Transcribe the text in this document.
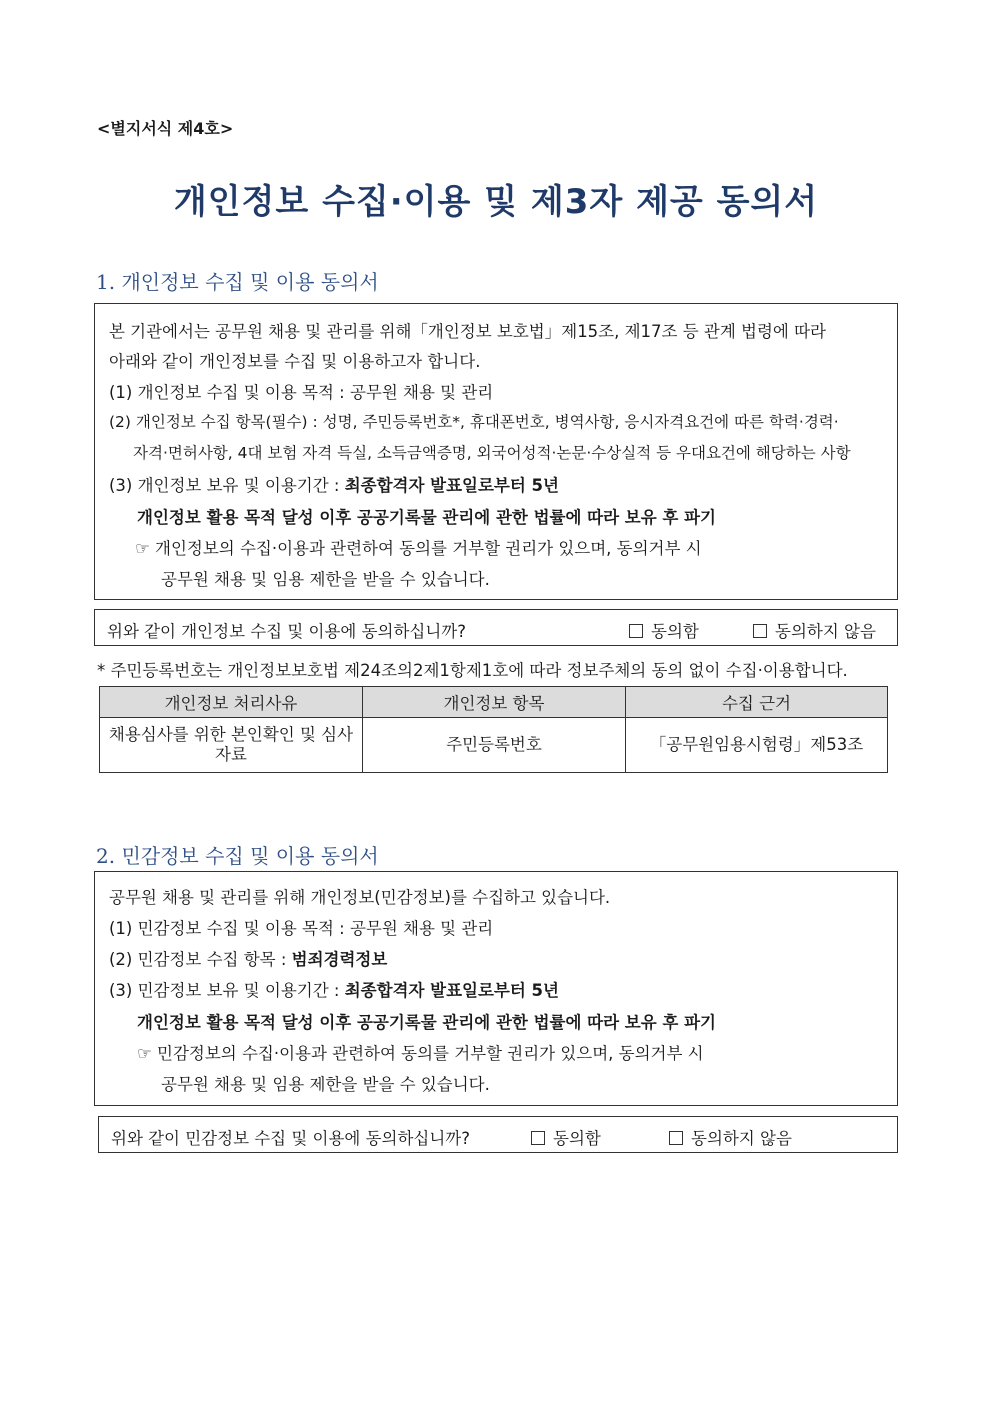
<별지서식 제4호>
개인정보 수집·이용 및 제3자 제공 동의서
1. 개인정보 수집 및 이용 동의서
본 기관에서는 공무원 채용 및 관리를 위해「개인정보 보호법」제15조, 제17조 등 관계 법령에 따라
아래와 같이 개인정보를 수집 및 이용하고자 합니다.
(1) 개인정보 수집 및 이용 목적 : 공무원 채용 및 관리
(2) 개인정보 수집 항목(필수) : 성명, 주민등록번호*, 휴대폰번호, 병역사항, 응시자격요건에 따른 학력·경력·
자격·면허사항, 4대 보험 자격 득실, 소득금액증명, 외국어성적·논문·수상실적 등 우대요건에 해당하는 사항
(3) 개인정보 보유 및 이용기간 : 최종합격자 발표일로부터 5년
개인정보 활용 목적 달성 이후 공공기록물 관리에 관한 법률에 따라 보유 후 파기
☞ 개인정보의 수집·이용과 관련하여 동의를 거부할 권리가 있으며, 동의거부 시
공무원 채용 및 임용 제한을 받을 수 있습니다.
위와 같이 개인정보 수집 및 이용에 동의하십니까?	동의함	동의하지 않음
* 주민등록번호는 개인정보보호법 제24조의2제1항제1호에 따라 정보주체의 동의 없이 수집·이용합니다.
개인정보 처리사유	개인정보 항목	수집 근거
채용심사를 위한 본인확인 및 심사자료	주민등록번호	「공무원임용시험령」제53조
2. 민감정보 수집 및 이용 동의서
공무원 채용 및 관리를 위해 개인정보(민감정보)를 수집하고 있습니다.
(1) 민감정보 수집 및 이용 목적 : 공무원 채용 및 관리
(2) 민감정보 수집 항목 : 범죄경력정보
(3) 민감정보 보유 및 이용기간 : 최종합격자 발표일로부터 5년
개인정보 활용 목적 달성 이후 공공기록물 관리에 관한 법률에 따라 보유 후 파기
☞ 민감정보의 수집·이용과 관련하여 동의를 거부할 권리가 있으며, 동의거부 시
공무원 채용 및 임용 제한을 받을 수 있습니다.
위와 같이 민감정보 수집 및 이용에 동의하십니까?	동의함	동의하지 않음
